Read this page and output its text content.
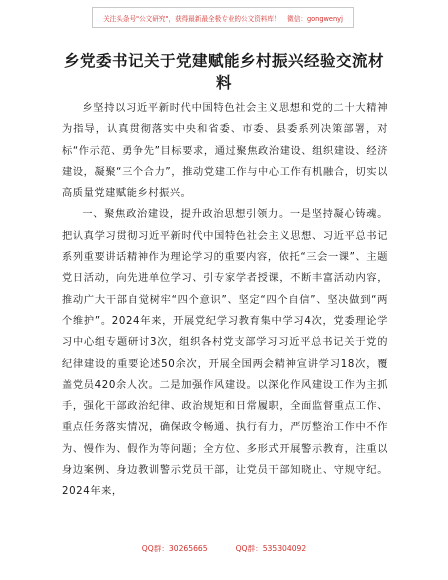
关注头条号"公文研究"，获得最新最全极专业的公文资料库！　微信：gongwenyj
乡党委书记关于党建赋能乡村振兴经验交流材料

乡坚持以习近平新时代中国特色社会主义思想和党的二十大精神为指导，认真贯彻落实中央和省委、市委、县委系列决策部署，对标“作示范、勇争先”目标要求，通过聚焦政治建设、组织建设、经济建设，凝聚“三个合力”，推动党建工作与中心工作有机融合，切实以高质量党建赋能乡村振兴。

一、聚焦政治建设，提升政治思想引领力。一是坚持凝心铸魂。把认真学习贯彻习近平新时代中国特色社会主义思想、习近平总书记系列重要讲话精神作为理论学习的重要内容，依托“三会一课”、主题党日活动，向先进单位学习、引专家学者授课，不断丰富活动内容，推动广大干部自觉树牢“四个意识”、坚定“四个自信”、坚决做到“两个维护”。2024年来，开展党纪学习教育集中学习4次，党委理论学习中心组专题研讨3次，组织各村党支部学习习近平总书记关于党的纪律建设的重要论述50余次，开展全国两会精神宣讲学习18次，覆盖党员420余人次。二是加强作风建设。以深化作风建设工作为主抓手，强化干部政治纪律、政治规矩和日常履职，全面监督重点工作、重点任务落实情况，确保政令畅通、执行有力，严厉整治工作中不作为、慢作为、假作为等问题；全方位、多形式开展警示教育，注重以身边案例、身边教训警示党员干部，让党员干部知晓止、守规守纪。2024年来，

QQ群：30265665	QQ群：535304092
